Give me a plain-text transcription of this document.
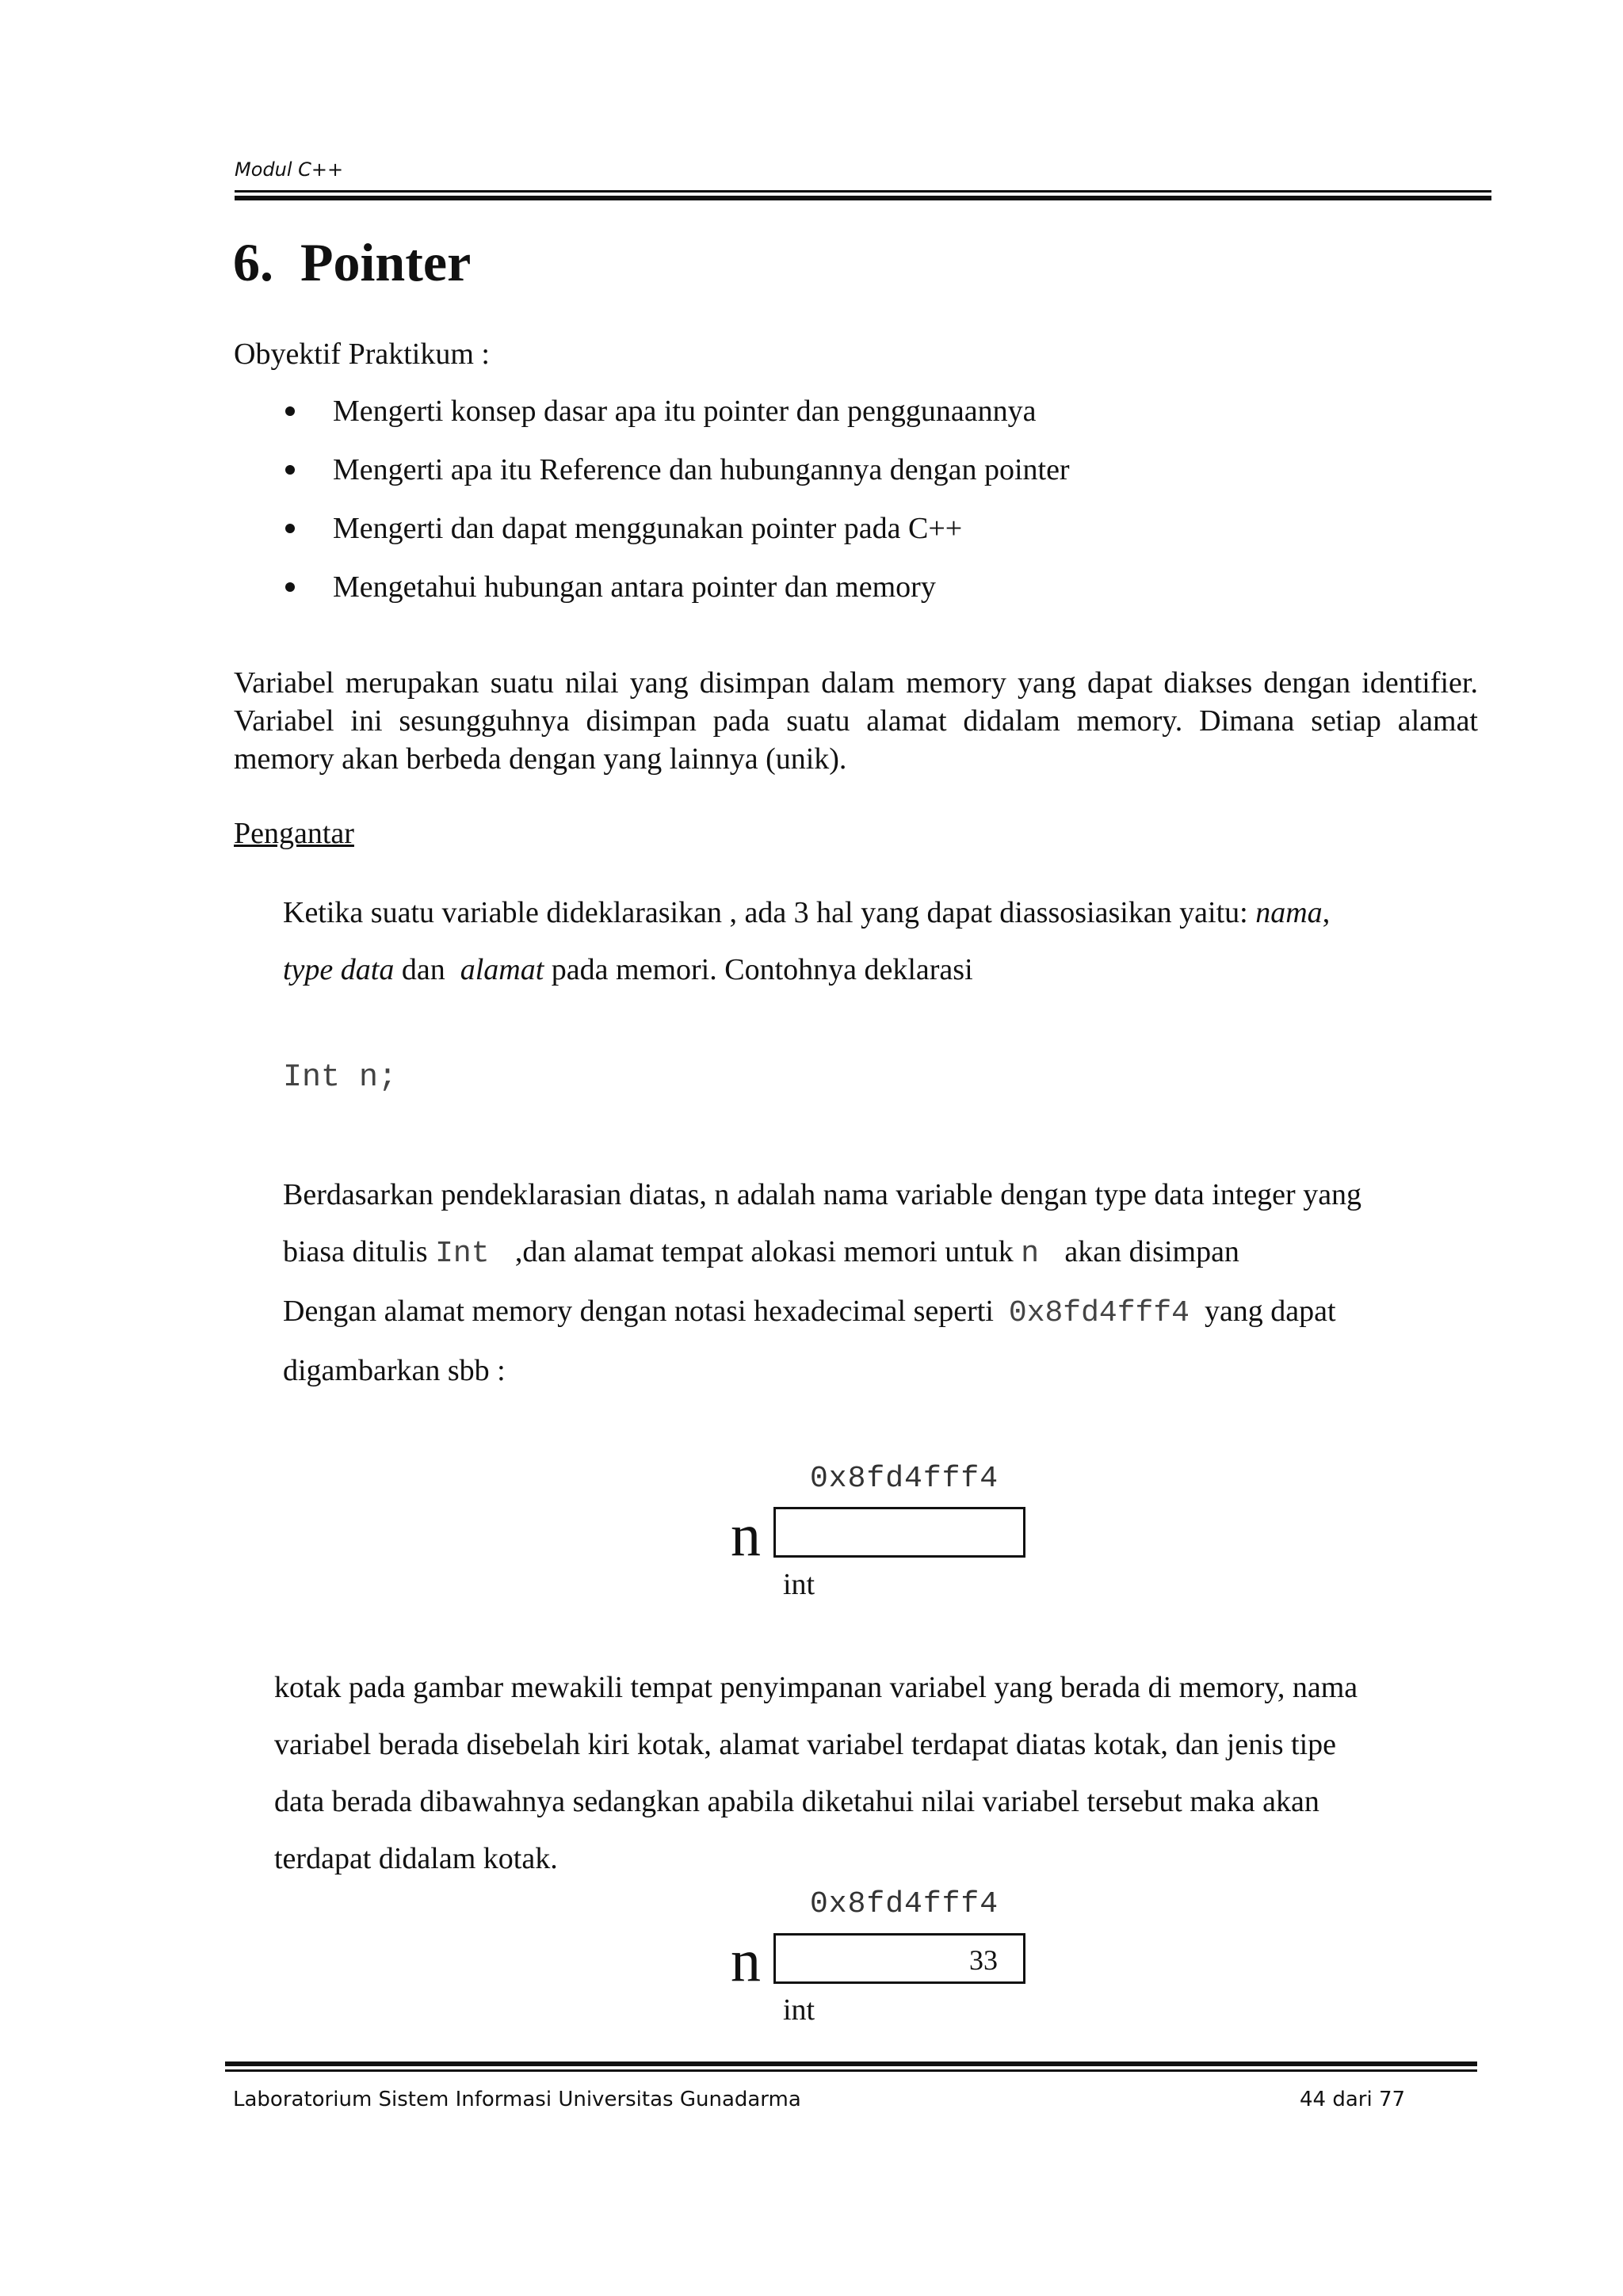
Modul C++
6. Pointer
Obyektif Praktikum :
Mengerti konsep dasar apa itu pointer dan penggunaannya
Mengerti apa itu Reference dan hubungannya dengan pointer
Mengerti dan dapat menggunakan pointer pada C++
Mengetahui hubungan antara pointer dan memory
Variabel merupakan suatu nilai yang disimpan dalam memory yang dapat diakses dengan identifier. Variabel ini sesungguhnya disimpan pada suatu alamat didalam memory. Dimana setiap alamat memory akan berbeda dengan yang lainnya (unik).
Pengantar
Ketika suatu variable dideklarasikan , ada 3 hal yang dapat diassosiasikan yaitu: nama,
type data dan  alamat pada memori. Contohnya deklarasi
Int n;
Berdasarkan pendeklarasian diatas, n adalah nama variable dengan type data integer yang
biasa ditulis Int  ,dan alamat tempat alokasi memori untuk n  akan disimpan
Dengan alamat memory dengan notasi hexadecimal seperti  0x8fd4fff4  yang dapat
digambarkan sbb :
0x8fd4fff4
n
int
kotak pada gambar mewakili tempat penyimpanan variabel yang berada di memory, nama
variabel berada disebelah kiri kotak, alamat variabel terdapat diatas kotak, dan jenis tipe
data berada dibawahnya sedangkan apabila diketahui nilai variabel tersebut maka akan
terdapat didalam kotak.
0x8fd4fff4
n	33
int
Laboratorium Sistem Informasi Universitas Gunadarma	44 dari 77
